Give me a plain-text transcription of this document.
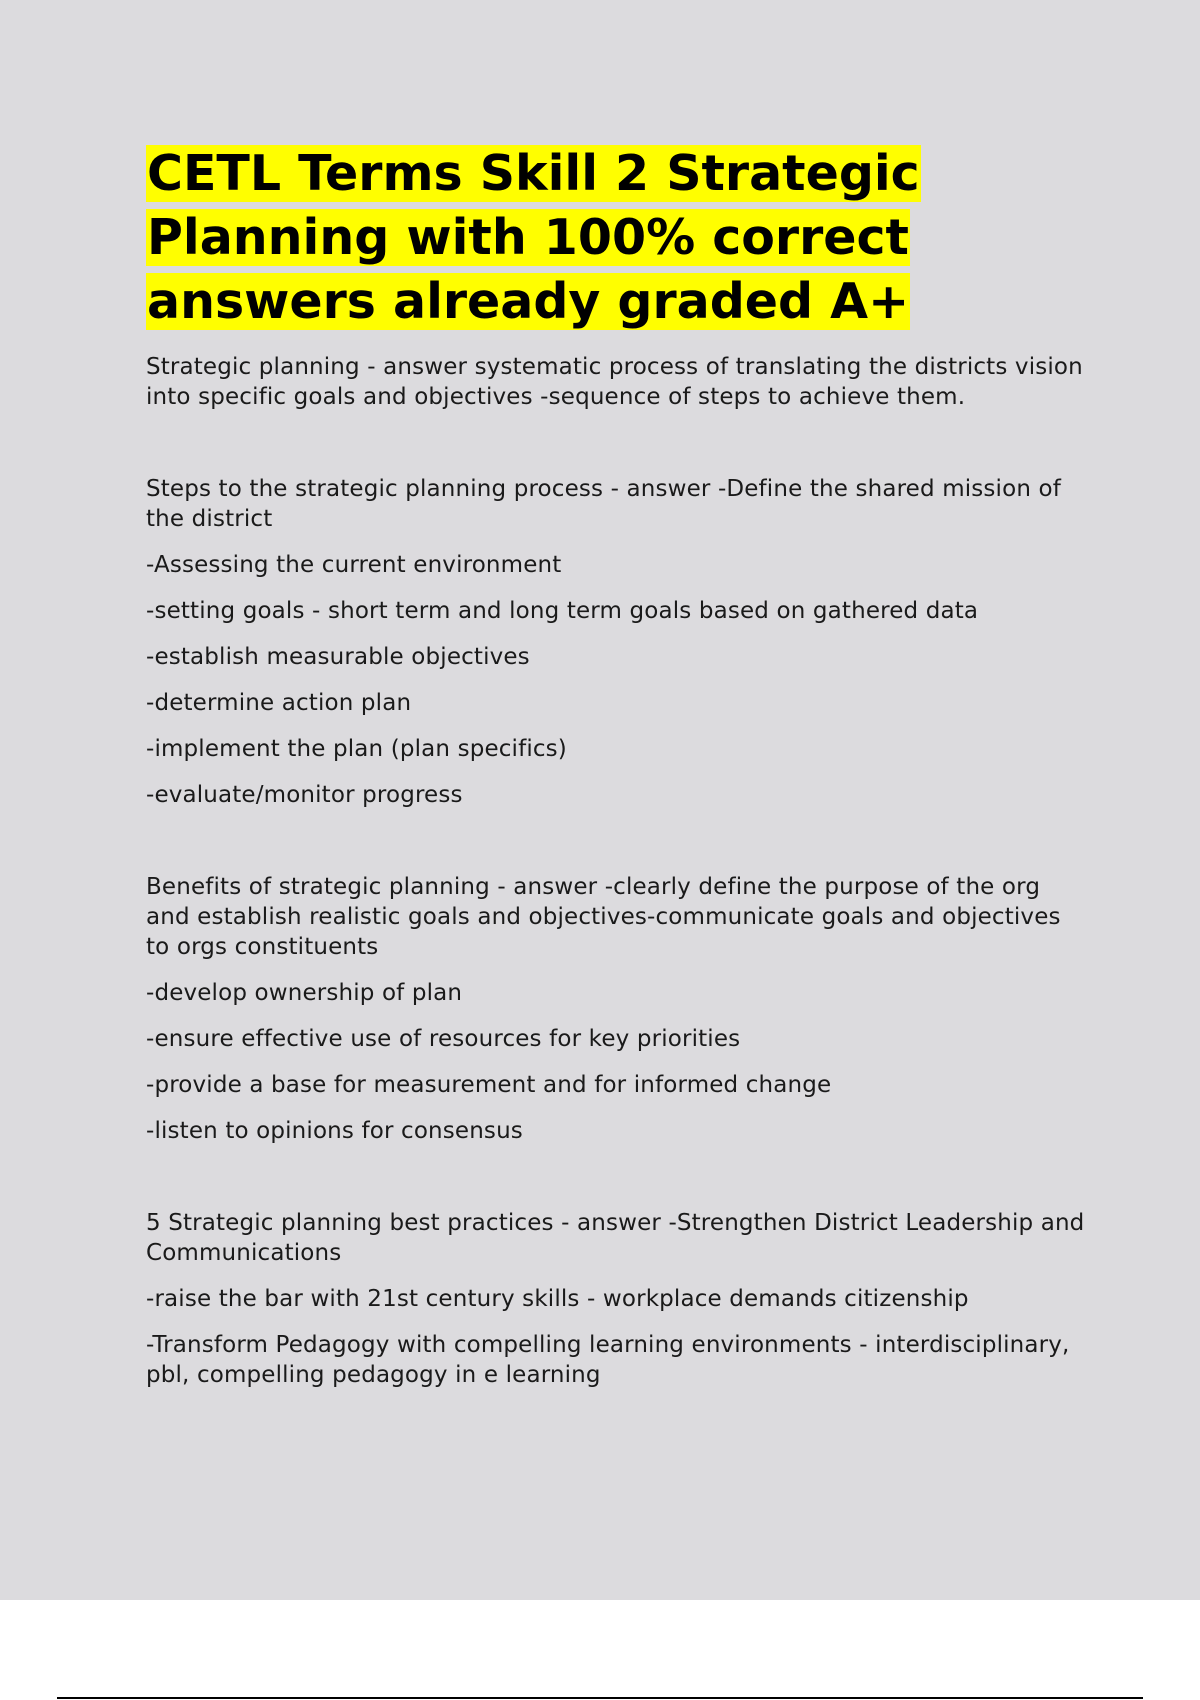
CETL Terms Skill 2 Strategic Planning with 100% correct answers already graded A+

Strategic planning - answer systematic process of translating the districts vision into specific goals and objectives -sequence of steps to achieve them.

Steps to the strategic planning process - answer -Define the shared mission of the district

-Assessing the current environment

-setting goals - short term and long term goals based on gathered data

-establish measurable objectives

-determine action plan

-implement the plan (plan specifics)

-evaluate/monitor progress

Benefits of strategic planning - answer -clearly define the purpose of the org and establish realistic goals and objectives-communicate goals and objectives to orgs constituents

-develop ownership of plan

-ensure effective use of resources for key priorities

-provide a base for measurement and for informed change

-listen to opinions for consensus

5 Strategic planning best practices - answer -Strengthen District Leadership and Communications

-raise the bar with 21st century skills - workplace demands citizenship

-Transform Pedagogy with compelling learning environments - interdisciplinary, pbl, compelling pedagogy in e learning
